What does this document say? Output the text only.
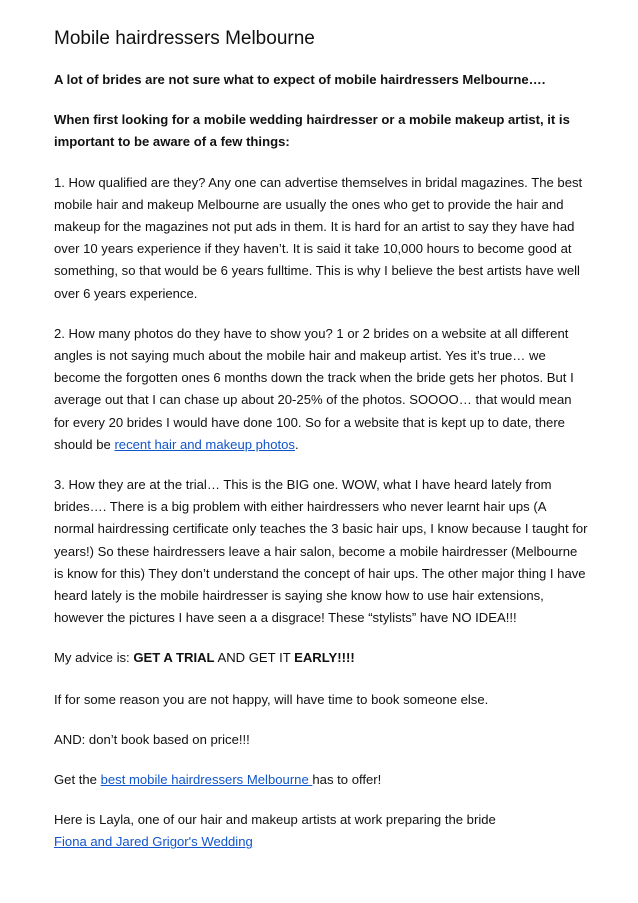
Mobile hairdressers Melbourne

A lot of brides are not sure what to expect of mobile hairdressers Melbourne….

When first looking for a mobile wedding hairdresser or a mobile makeup artist, it is important to be aware of a few things:

1. How qualified are they? Any one can advertise themselves in bridal magazines. The best mobile hair and makeup Melbourne are usually the ones who get to provide the hair and makeup for the magazines not put ads in them. It is hard for an artist to say they have had over 10 years experience if they haven’t. It is said it take 10,000 hours to become good at something, so that would be 6 years fulltime. This is why I believe the best artists have well over 6 years experience.

2. How many photos do they have to show you? 1 or 2 brides on a website at all different angles is not saying much about the mobile hair and makeup artist. Yes it’s true… we become the forgotten ones 6 months down the track when the bride gets her photos. But I average out that I can chase up about 20-25% of the photos. SOOOO… that would mean for every 20 brides I would have done 100. So for a website that is kept up to date, there should be recent hair and makeup photos.

3. How they are at the trial… This is the BIG one. WOW, what I have heard lately from brides…. There is a big problem with either hairdressers who never learnt hair ups (A normal hairdressing certificate only teaches the 3 basic hair ups, I know because I taught for years!) So these hairdressers leave a hair salon, become a mobile hairdresser (Melbourne is know for this) They don’t understand the concept of hair ups. The other major thing I have heard lately is the mobile hairdresser is saying she know how to use hair extensions, however the pictures I have seen a a disgrace! These “stylists” have NO IDEA!!!

My advice is: GET A TRIAL AND GET IT EARLY!!!!

If for some reason you are not happy, will have time to book someone else.

AND: don’t book based on price!!!

Get the best mobile hairdressers Melbourne has to offer!

Here is Layla, one of our hair and makeup artists at work preparing the bride
Fiona and Jared Grigor's Wedding
